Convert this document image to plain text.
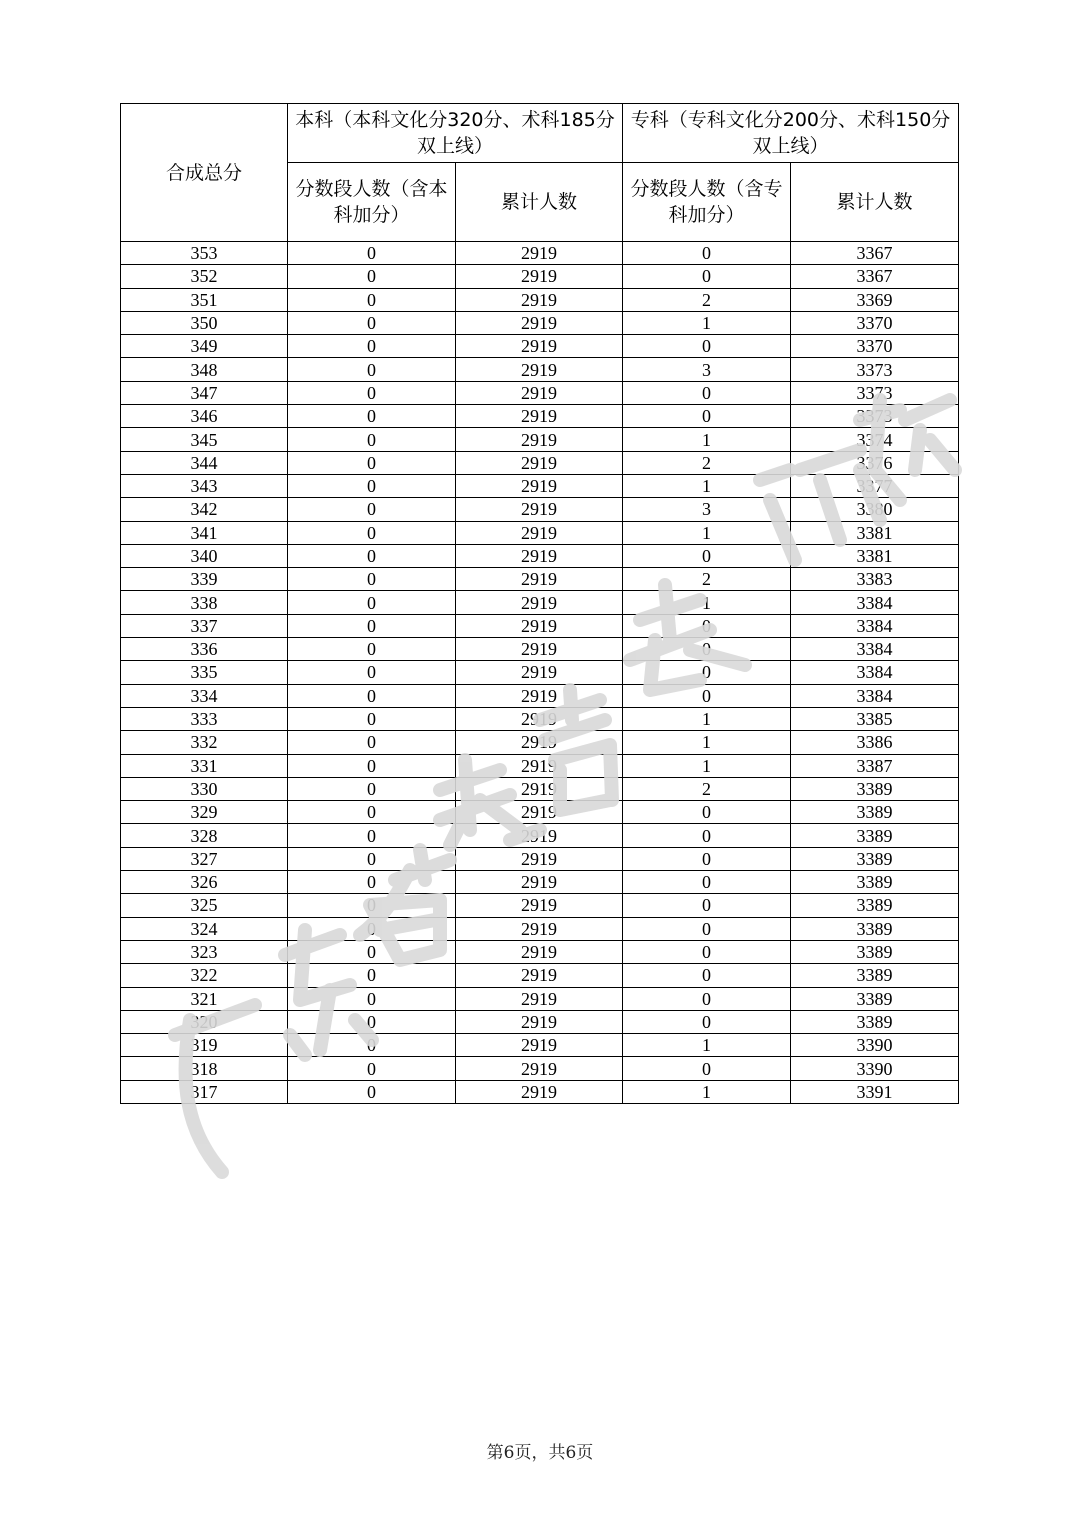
合成总分	本科（本科文化分320分、术科185分双上线）		专科（专科文化分200分、术科150分双上线）	
	分数段人数（含本科加分）	累计人数	分数段人数（含专科加分）	累计人数
353	0	2919	0	3367
352	0	2919	0	3367
351	0	2919	2	3369
350	0	2919	1	3370
349	0	2919	0	3370
348	0	2919	3	3373
347	0	2919	0	3373
346	0	2919	0	3373
345	0	2919	1	3374
344	0	2919	2	3376
343	0	2919	1	3377
342	0	2919	3	3380
341	0	2919	1	3381
340	0	2919	0	3381
339	0	2919	2	3383
338	0	2919	1	3384
337	0	2919	0	3384
336	0	2919	0	3384
335	0	2919	0	3384
334	0	2919	0	3384
333	0	2919	1	3385
332	0	2919	1	3386
331	0	2919	1	3387
330	0	2919	2	3389
329	0	2919	0	3389
328	0	2919	0	3389
327	0	2919	0	3389
326	0	2919	0	3389
325	0	2919	0	3389
324	0	2919	0	3389
323	0	2919	0	3389
322	0	2919	0	3389
321	0	2919	0	3389
320	0	2919	0	3389
319	0	2919	1	3390
318	0	2919	0	3390
317	0	2919	1	3391
第6页，共6页
